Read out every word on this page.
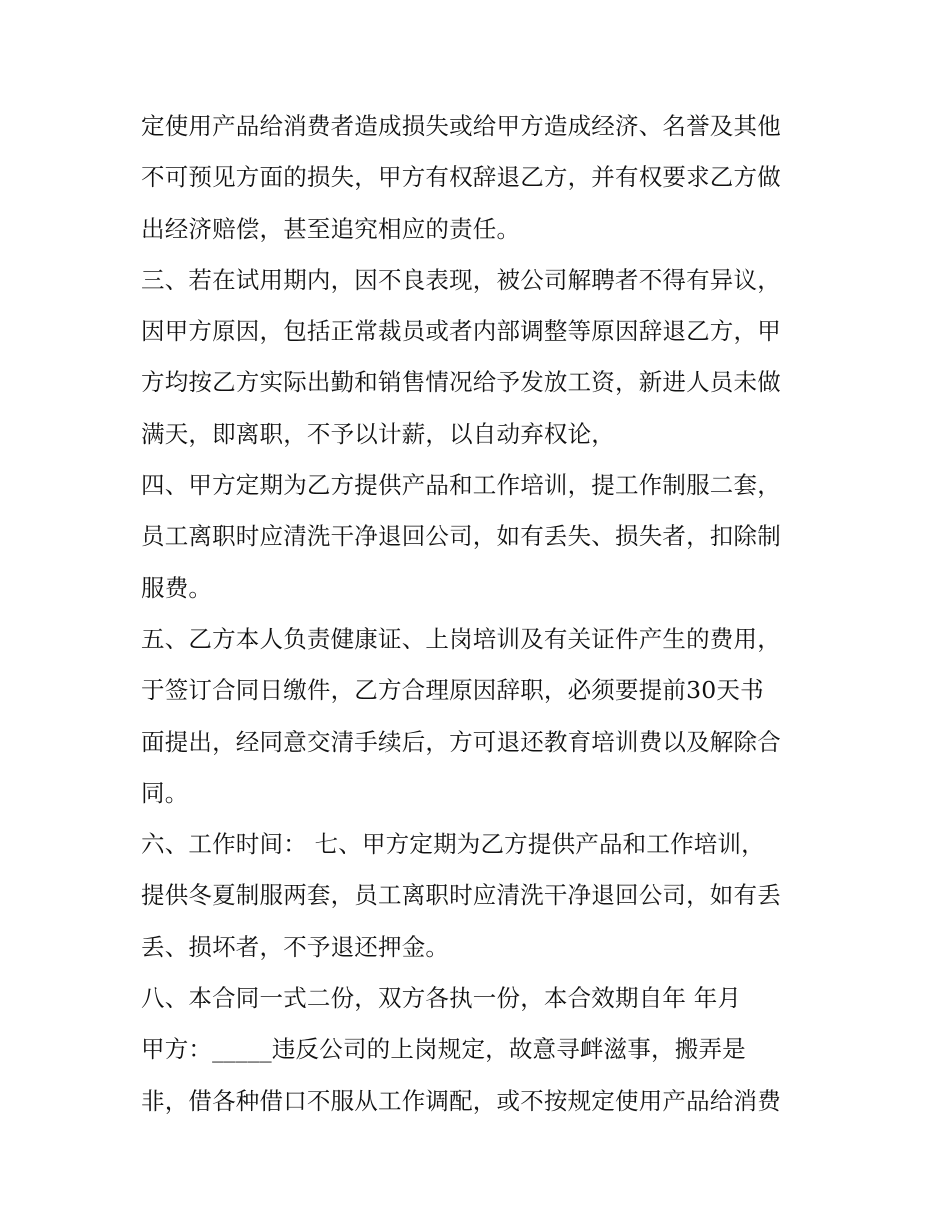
定使用产品给消费者造成损失或给甲方造成经济、名誉及其他
不可预见方面的损失，甲方有权辞退乙方，并有权要求乙方做
出经济赔偿，甚至追究相应的责任。
三、若在试用期内，因不良表现，被公司解聘者不得有异议，
因甲方原因，包括正常裁员或者内部调整等原因辞退乙方，甲
方均按乙方实际出勤和销售情况给予发放工资，新进人员未做
满天，即离职，不予以计薪，以自动弃权论，
四、甲方定期为乙方提供产品和工作培训，提工作制服二套，
员工离职时应清洗干净退回公司，如有丢失、损失者，扣除制
服费。
五、乙方本人负责健康证、上岗培训及有关证件产生的费用，
于签订合同日缴件，乙方合理原因辞职，必须要提前30天书
面提出，经同意交清手续后，方可退还教育培训费以及解除合
同。
六、工作时间： 七、甲方定期为乙方提供产品和工作培训，
提供冬夏制服两套，员工离职时应清洗干净退回公司，如有丢
丢、损坏者，不予退还押金。
八、本合同一式二份，双方各执一份，本合效期自年 年月
甲方：_____违反公司的上岗规定，故意寻衅滋事，搬弄是
非，借各种借口不服从工作调配，或不按规定使用产品给消费
